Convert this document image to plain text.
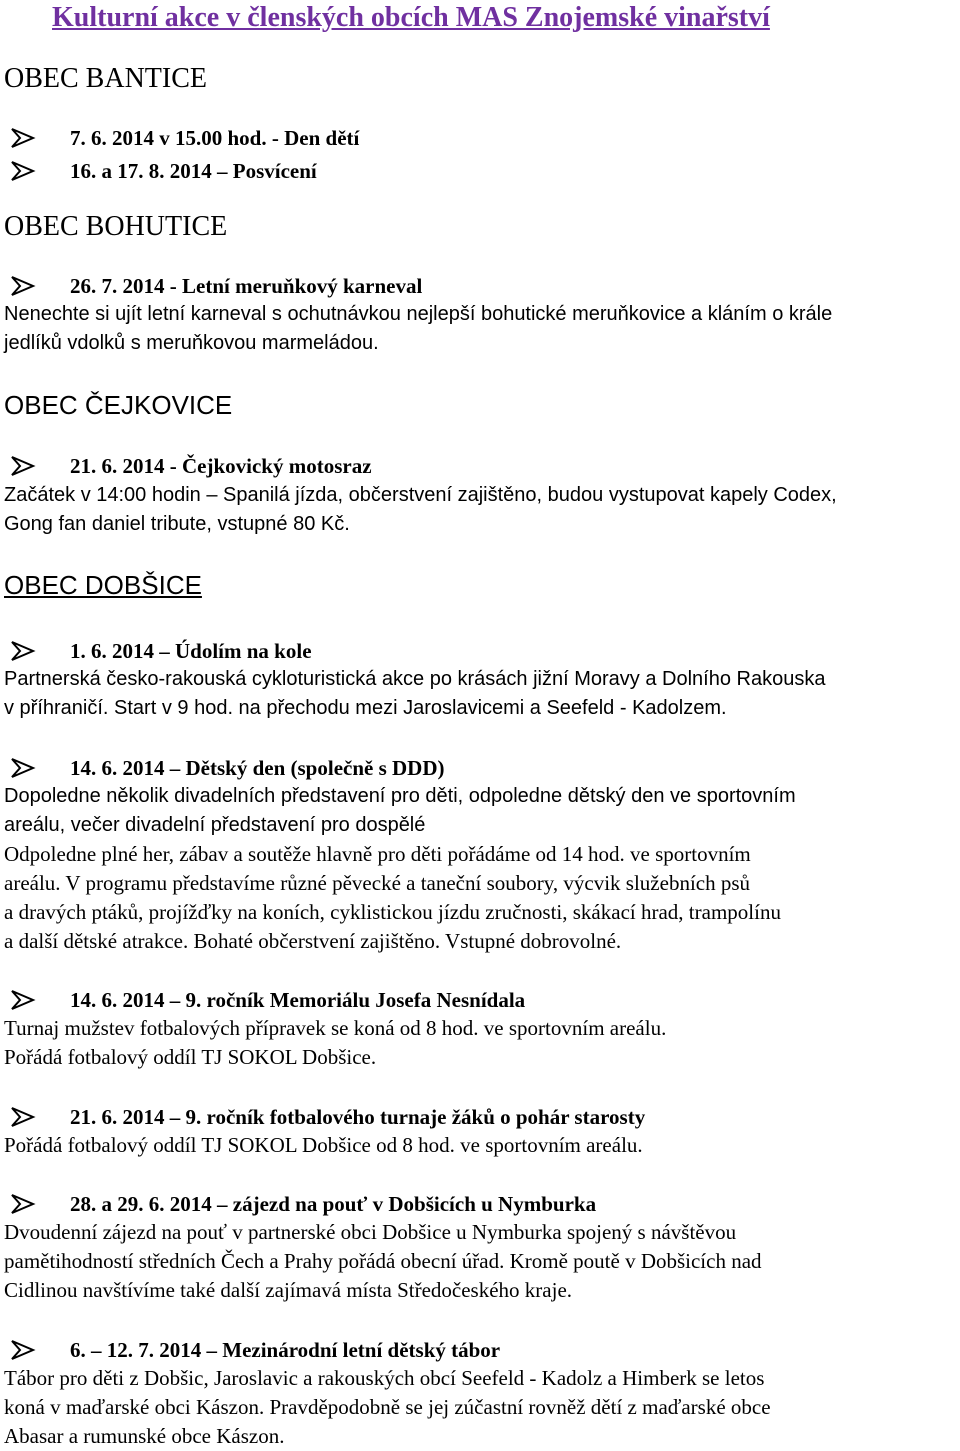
Kulturní akce v členských obcích MAS Znojemské vinařství
OBEC BANTICE
7. 6. 2014 v 15.00 hod. - Den dětí
16. a 17. 8. 2014 – Posvícení
OBEC BOHUTICE
26. 7. 2014 - Letní meruňkový karneval
Nenechte si ujít letní karneval s ochutnávkou nejlepší bohutické meruňkovice a kláním o krále
jedlíků vdolků s meruňkovou marmeládou.
OBEC ČEJKOVICE
21. 6. 2014 - Čejkovický motosraz
Začátek v 14:00 hodin – Spanilá jízda, občerstvení zajištěno, budou vystupovat kapely Codex,
Gong fan daniel tribute, vstupné 80 Kč.
OBEC DOBŠICE
1. 6. 2014 – Údolím na kole
Partnerská česko-rakouská cykloturistická akce po krásách jižní Moravy a Dolního Rakouska
v příhraničí. Start v 9 hod. na přechodu mezi Jaroslavicemi a Seefeld - Kadolzem.
14. 6. 2014 – Dětský den (společně s DDD)
Dopoledne několik divadelních představení pro děti, odpoledne dětský den ve sportovním
areálu, večer divadelní představení pro dospělé
Odpoledne plné her, zábav a soutěže hlavně pro děti pořádáme od 14 hod. ve sportovním
areálu. V programu představíme různé pěvecké a taneční soubory, výcvik služebních psů
a dravých ptáků, projížďky na koních, cyklistickou jízdu zručnosti, skákací hrad, trampolínu
a další dětské atrakce. Bohaté občerstvení zajištěno. Vstupné dobrovolné.
14. 6. 2014 – 9. ročník Memoriálu Josefa Nesnídala
Turnaj mužstev fotbalových přípravek se koná od 8 hod. ve sportovním areálu.
Pořádá fotbalový oddíl TJ SOKOL Dobšice.
21. 6. 2014 – 9. ročník fotbalového turnaje žáků o pohár starosty
Pořádá fotbalový oddíl TJ SOKOL Dobšice od 8 hod. ve sportovním areálu.
28. a 29. 6. 2014 – zájezd na pouť v Dobšicích u Nymburka
Dvoudenní zájezd na pouť v partnerské obci Dobšice u Nymburka spojený s návštěvou
pamětihodností středních Čech a Prahy pořádá obecní úřad. Kromě poutě v Dobšicích nad
Cidlinou navštívíme také další zajímavá místa Středočeského kraje.
6. – 12. 7. 2014 – Mezinárodní letní dětský tábor
Tábor pro děti z Dobšic, Jaroslavic a rakouských obcí Seefeld - Kadolz a Himberk se letos
koná v maďarské obci Kászon. Pravděpodobně se jej zúčastní rovněž dětí z maďarské obce
Abasar a rumunské obce Kászon.
